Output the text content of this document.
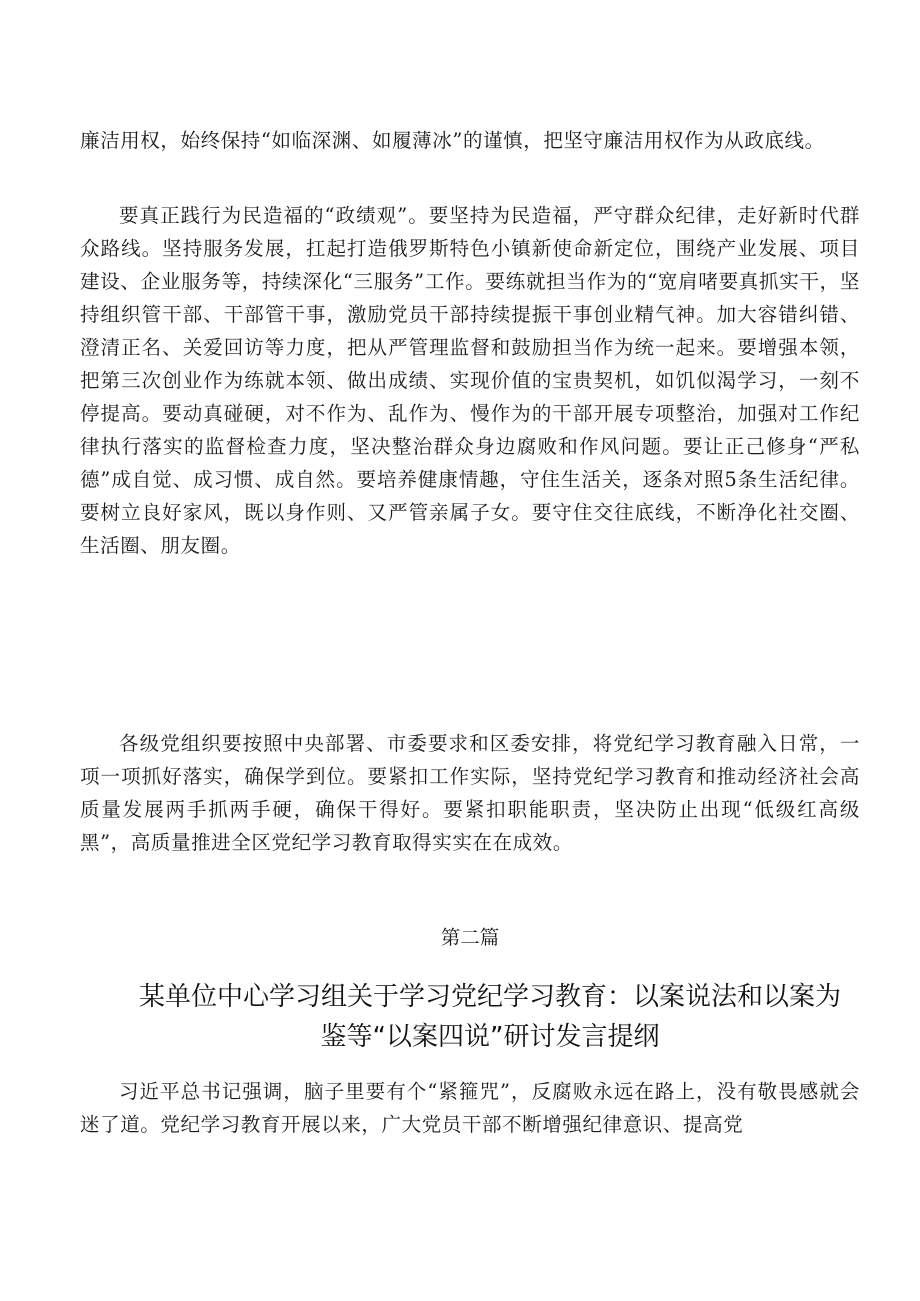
廉洁用权，始终保持“如临深渊、如履薄冰”的谨慎，把坚守廉洁用权作为从政底线。

要真正践行为民造福的“政绩观”。要坚持为民造福，严守群众纪律，走好新时代群众路线。坚持服务发展，扛起打造俄罗斯特色小镇新使命新定位，围绕产业发展、项目建设、企业服务等，持续深化“三服务”工作。要练就担当作为的“宽肩啫要真抓实干，坚持组织管干部、干部管干事，激励党员干部持续提振干事创业精气神。加大容错纠错、澄清正名、关爱回访等力度，把从严管理监督和鼓励担当作为统一起来。要增强本领，把第三次创业作为练就本领、做出成绩、实现价值的宝贵契机，如饥似渴学习，一刻不停提高。要动真碰硬，对不作为、乱作为、慢作为的干部开展专项整治，加强对工作纪律执行落实的监督检查力度，坚决整治群众身边腐败和作风问题。要让正己修身“严私德”成自觉、成习惯、成自然。要培养健康情趣，守住生活关，逐条对照5条生活纪律。要树立良好家风，既以身作则、又严管亲属子女。要守住交往底线，不断净化社交圈、生活圈、朋友圈。

各级党组织要按照中央部署、市委要求和区委安排，将党纪学习教育融入日常，一项一项抓好落实，确保学到位。要紧扣工作实际，坚持党纪学习教育和推动经济社会高质量发展两手抓两手硬，确保干得好。要紧扣职能职责，坚决防止出现“低级红高级黑”，高质量推进全区党纪学习教育取得实实在在成效。

第二篇

某单位中心学习组关于学习党纪学习教育：以案说法和以案为
鉴等“以案四说”研讨发言提纲

习近平总书记强调，脑子里要有个“紧箍咒”，反腐败永远在路上，没有敬畏感就会迷了道。党纪学习教育开展以来，广大党员干部不断增强纪律意识、提高党
